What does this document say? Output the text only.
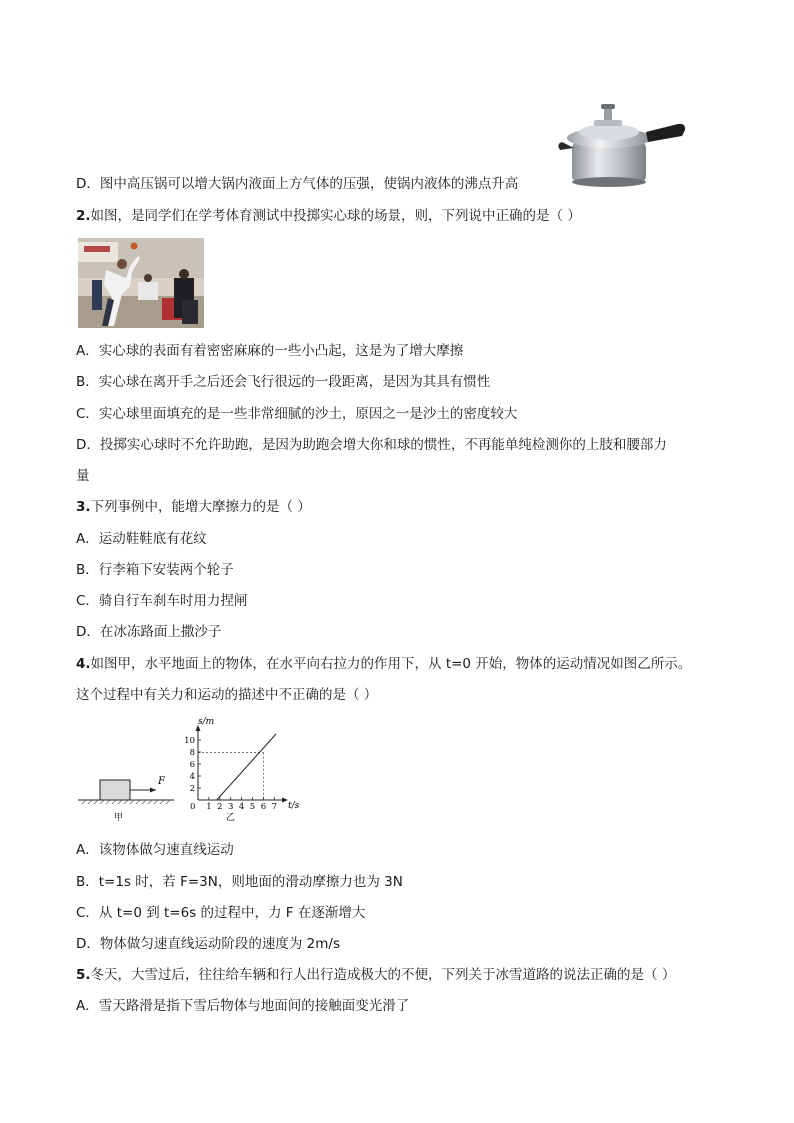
D．图中高压锅可以增大锅内液面上方气体的压强，使锅内液体的沸点升高
2.如图，是同学们在学考体育测试中投掷实心球的场景，则，下列说中正确的是（ ）
A．实心球的表面有着密密麻麻的一些小凸起，这是为了增大摩擦
B．实心球在离开手之后还会飞行很远的一段距离，是因为其具有惯性
C．实心球里面填充的是一些非常细腻的沙土，原因之一是沙土的密度较大
D．投掷实心球时不允许助跑，是因为助跑会增大你和球的惯性，不再能单纯检测你的上肢和腰部力
量
3.下列事例中，能增大摩擦力的是（ ）
A．运动鞋鞋底有花纹
B．行李箱下安装两个轮子
C．骑自行车刹车时用力捏闸
D．在冰冻路面上撒沙子
4.如图甲，水平地面上的物体，在水平向右拉力的作用下，从 t=0 开始，物体的运动情况如图乙所示。
这个过程中有关力和运动的描述中不正确的是（ ）
F
甲
s/m
t/s
0
2
4
6
8
10
1 2 3 4 5 6 7
乙
A．该物体做匀速直线运动
B．t=1s 时，若 F=3N，则地面的滑动摩擦力也为 3N
C．从 t=0 到 t=6s 的过程中，力 F 在逐渐增大
D．物体做匀速直线运动阶段的速度为 2m/s
5.冬天，大雪过后，往往给车辆和行人出行造成极大的不便，下列关于冰雪道路的说法正确的是（ ）
A．雪天路滑是指下雪后物体与地面间的接触面变光滑了
